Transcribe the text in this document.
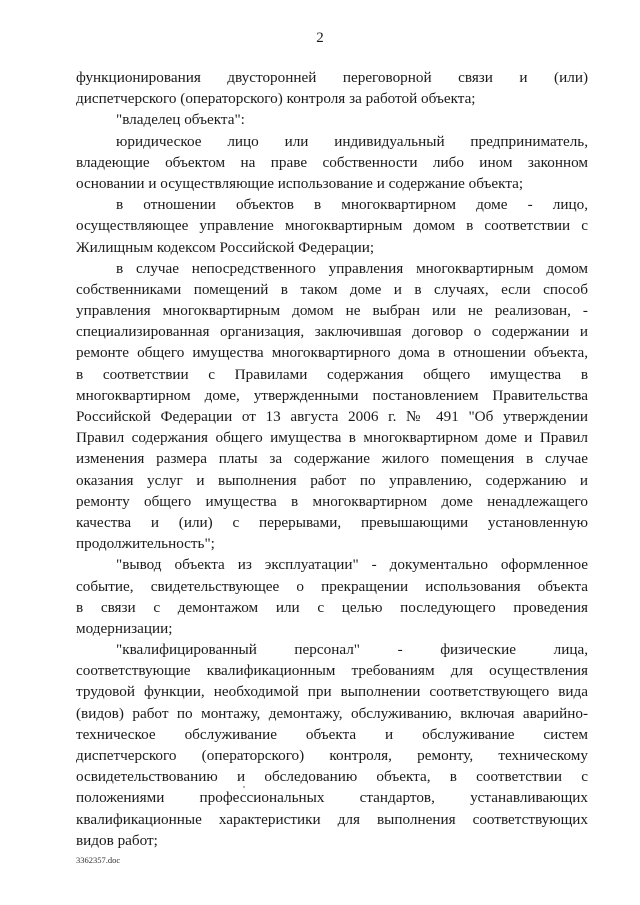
2
функционирования двусторонней переговорной связи и (или)
диспетчерского (операторского) контроля за работой объекта;
"владелец объекта":
юридическое лицо или индивидуальный предприниматель,
владеющие объектом на праве собственности либо ином законном
основании и осуществляющие использование и содержание объекта;
в отношении объектов в многоквартирном доме - лицо,
осуществляющее управление многоквартирным домом в соответствии с
Жилищным кодексом Российской Федерации;
в случае непосредственного управления многоквартирным домом
собственниками помещений в таком доме и в случаях, если способ
управления многоквартирным домом не выбран или не реализован, -
специализированная организация, заключившая договор о содержании и
ремонте общего имущества многоквартирного дома в отношении объекта,
в соответствии с Правилами содержания общего имущества в
многоквартирном доме, утвержденными постановлением Правительства
Российской Федерации от 13 августа 2006 г. № 491 "Об утверждении
Правил содержания общего имущества в многоквартирном доме и Правил
изменения размера платы за содержание жилого помещения в случае
оказания услуг и выполнения работ по управлению, содержанию и
ремонту общего имущества в многоквартирном доме ненадлежащего
качества и (или) с перерывами, превышающими установленную
продолжительность";
"вывод объекта из эксплуатации" - документально оформленное
событие, свидетельствующее о прекращении использования объекта
в связи с демонтажом или с целью последующего проведения
модернизации;
"квалифицированный персонал" - физические лица,
соответствующие квалификационным требованиям для осуществления
трудовой функции, необходимой при выполнении соответствующего вида
(видов) работ по монтажу, демонтажу, обслуживанию, включая аварийно-
техническое обслуживание объекта и обслуживание систем
диспетчерского (операторского) контроля, ремонту, техническому
освидетельствованию и обследованию объекта, в соответствии с
положениями профессиональных стандартов, устанавливающих
квалификационные характеристики для выполнения соответствующих
видов работ;
3362357.doc
